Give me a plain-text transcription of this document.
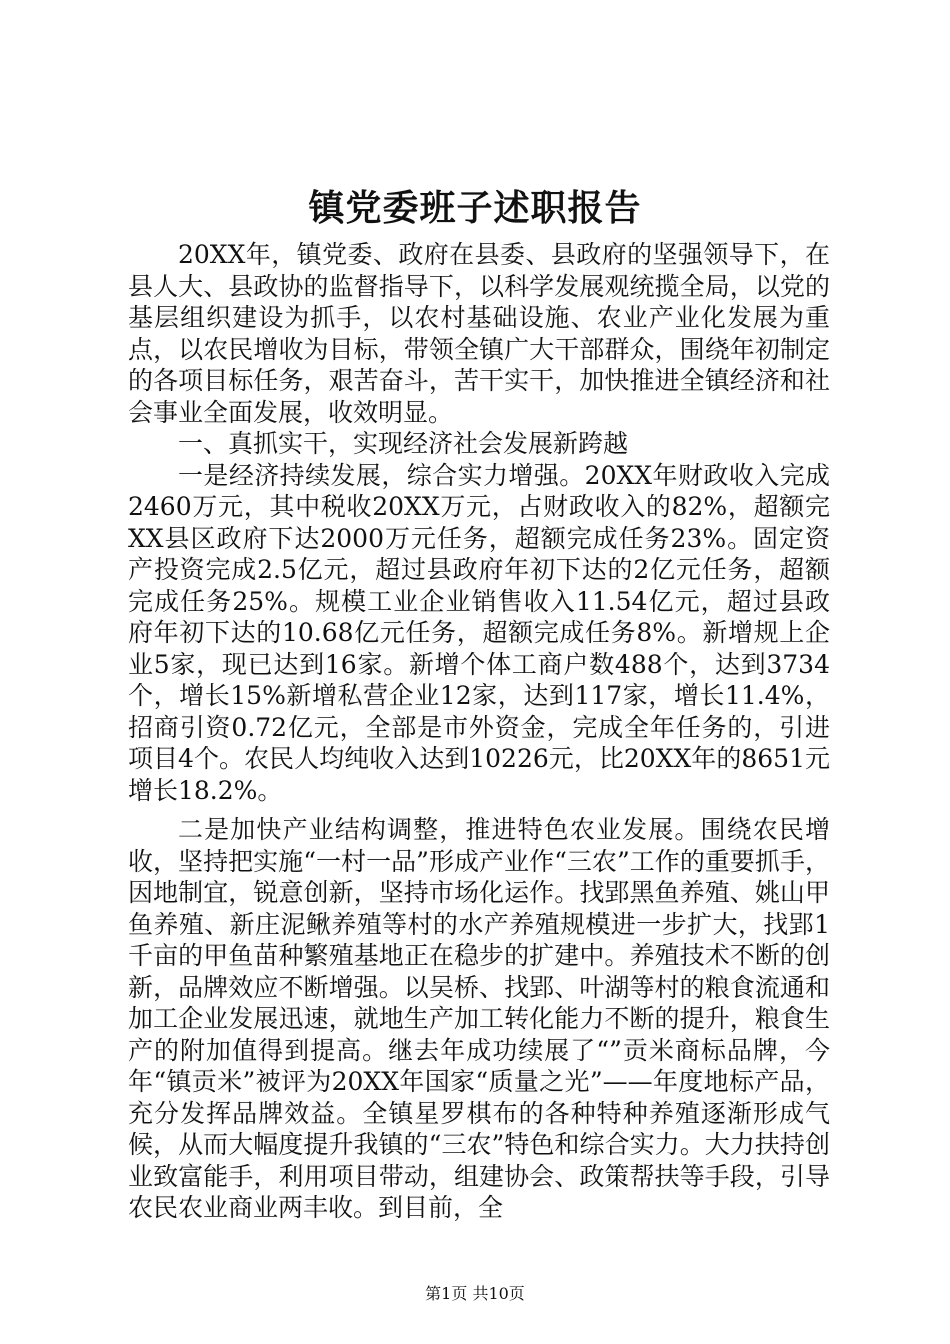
镇党委班子述职报告

20XX年，镇党委、政府在县委、县政府的坚强领导下，在县人大、县政协的监督指导下，以科学发展观统揽全局，以党的基层组织建设为抓手，以农村基础设施、农业产业化发展为重点，以农民增收为目标，带领全镇广大干部群众，围绕年初制定的各项目标任务，艰苦奋斗，苦干实干，加快推进全镇经济和社会事业全面发展，收效明显。

一、真抓实干，实现经济社会发展新跨越

一是经济持续发展，综合实力增强。20XX年财政收入完成2460万元，其中税收20XX万元，占财政收入的82%，超额完XX县区政府下达2000万元任务，超额完成任务23%。固定资产投资完成2.5亿元，超过县政府年初下达的2亿元任务，超额完成任务25%。规模工业企业销售收入11.54亿元，超过县政府年初下达的10.68亿元任务，超额完成任务8%。新增规上企业5家，现已达到16家。新增个体工商户数488个，达到3734个，增长15%新增私营企业12家，达到117家，增长11.4%，招商引资0.72亿元，全部是市外资金，完成全年任务的，引进项目4个。农民人均纯收入达到10226元，比20XX年的8651元增长18.2%。

二是加快产业结构调整，推进特色农业发展。围绕农民增收，坚持把实施“一村一品”形成产业作“三农”工作的重要抓手，因地制宜，锐意创新，坚持市场化运作。找郢黑鱼养殖、姚山甲鱼养殖、新庄泥鳅养殖等村的水产养殖规模进一步扩大，找郢1千亩的甲鱼苗种繁殖基地正在稳步的扩建中。养殖技术不断的创新，品牌效应不断增强。以吴桥、找郢、叶湖等村的粮食流通和加工企业发展迅速，就地生产加工转化能力不断的提升，粮食生产的附加值得到提高。继去年成功续展了“”贡米商标品牌，今年“镇贡米”被评为20XX年国家“质量之光”——年度地标产品，充分发挥品牌效益。全镇星罗棋布的各种特种养殖逐渐形成气候，从而大幅度提升我镇的“三农”特色和综合实力。大力扶持创业致富能手，利用项目带动，组建协会、政策帮扶等手段，引导农民农业商业两丰收。到目前，全

第1页 共10页
